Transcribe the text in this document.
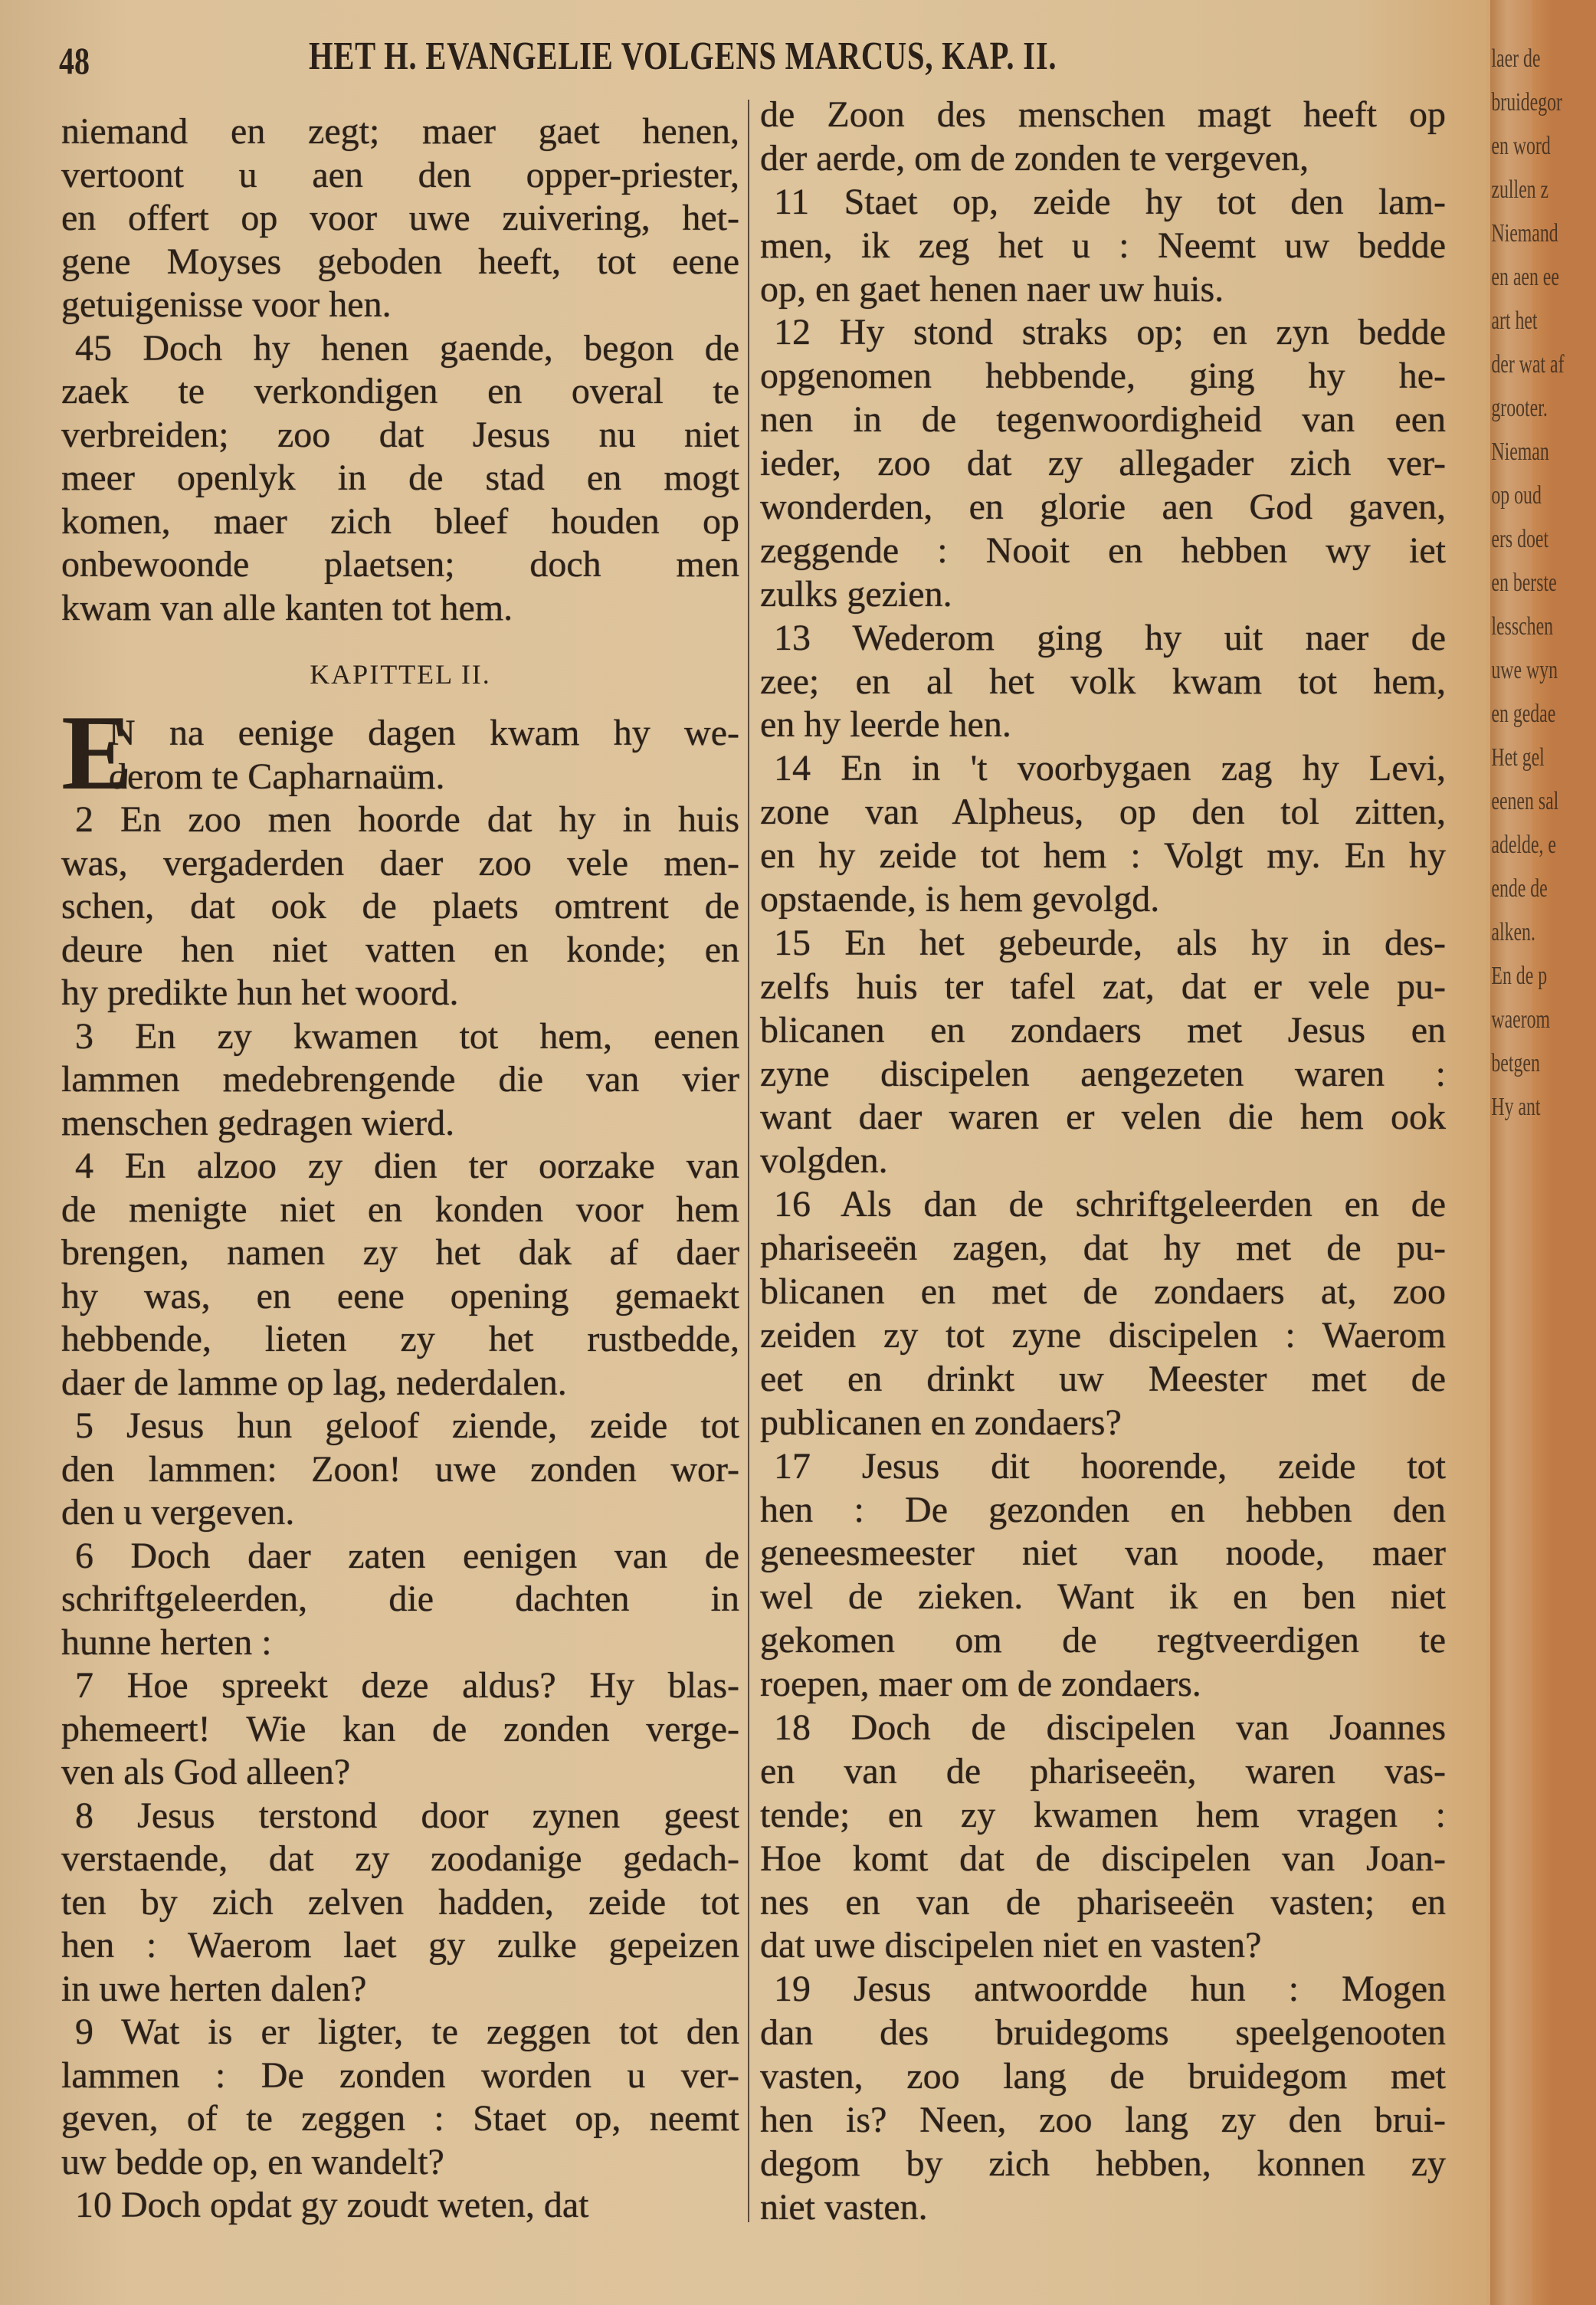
48	HET H. EVANGELIE VOLGENS MARCUS, KAP. II.
niemand en zegt; maer gaet henen,
vertoont u aen den opper-priester,
en offert op voor uwe zuivering, het-
gene Moyses geboden heeft, tot eene
getuigenisse voor hen.
45 Doch hy henen gaende, begon de
zaek te verkondigen en overal te
verbreiden; zoo dat Jesus nu niet
meer openlyk in de stad en mogt
komen, maer zich bleef houden op
onbewoonde plaetsen; doch men
kwam van alle kanten tot hem.
KAPITTEL II.
E
N na eenige dagen kwam hy we-
derom te Capharnaüm.
2 En zoo men hoorde dat hy in huis
was, vergaderden daer zoo vele men-
schen, dat ook de plaets omtrent de
deure hen niet vatten en konde; en
hy predikte hun het woord.
3 En zy kwamen tot hem, eenen
lammen medebrengende die van vier
menschen gedragen wierd.
4 En alzoo zy dien ter oorzake van
de menigte niet en konden voor hem
brengen, namen zy het dak af daer
hy was, en eene opening gemaekt
hebbende, lieten zy het rustbedde,
daer de lamme op lag, nederdalen.
5 Jesus hun geloof ziende, zeide tot
den lammen: Zoon! uwe zonden wor-
den u vergeven.
6 Doch daer zaten eenigen van de
schriftgeleerden, die dachten in
hunne herten :
7 Hoe spreekt deze aldus? Hy blas-
phemeert! Wie kan de zonden verge-
ven als God alleen?
8 Jesus terstond door zynen geest
verstaende, dat zy zoodanige gedach-
ten by zich zelven hadden, zeide tot
hen : Waerom laet gy zulke gepeizen
in uwe herten dalen?
9 Wat is er ligter, te zeggen tot den
lammen : De zonden worden u ver-
geven, of te zeggen : Staet op, neemt
uw bedde op, en wandelt?
10 Doch opdat gy zoudt weten, dat
de Zoon des menschen magt heeft op
der aerde, om de zonden te vergeven,
11 Staet op, zeide hy tot den lam-
men, ik zeg het u : Neemt uw bedde
op, en gaet henen naer uw huis.
12 Hy stond straks op; en zyn bedde
opgenomen hebbende, ging hy he-
nen in de tegenwoordigheid van een
ieder, zoo dat zy allegader zich ver-
wonderden, en glorie aen God gaven,
zeggende : Nooit en hebben wy iet
zulks gezien.
13 Wederom ging hy uit naer de
zee; en al het volk kwam tot hem,
en hy leerde hen.
14 En in 't voorbygaen zag hy Levi,
zone van Alpheus, op den tol zitten,
en hy zeide tot hem : Volgt my. En hy
opstaende, is hem gevolgd.
15 En het gebeurde, als hy in des-
zelfs huis ter tafel zat, dat er vele pu-
blicanen en zondaers met Jesus en
zyne discipelen aengezeten waren :
want daer waren er velen die hem ook
volgden.
16 Als dan de schriftgeleerden en de
phariseeën zagen, dat hy met de pu-
blicanen en met de zondaers at, zoo
zeiden zy tot zyne discipelen : Waerom
eet en drinkt uw Meester met de
publicanen en zondaers?
17 Jesus dit hoorende, zeide tot
hen : De gezonden en hebben den
geneesmeester niet van noode, maer
wel de zieken. Want ik en ben niet
gekomen om de regtveerdigen te
roepen, maer om de zondaers.
18 Doch de discipelen van Joannes
en van de phariseeën, waren vas-
tende; en zy kwamen hem vragen :
Hoe komt dat de discipelen van Joan-
nes en van de phariseeën vasten; en
dat uwe discipelen niet en vasten?
19 Jesus antwoordde hun : Mogen
dan des bruidegoms speelgenooten
vasten, zoo lang de bruidegom met
hen is? Neen, zoo lang zy den brui-
degom by zich hebben, konnen zy
niet vasten.
laer de
bruidegor
en word
zullen z
Niemand
en aen ee
art het
der wat af
grooter.
Nieman
op oud
ers doet
en berste
lesschen
uwe wyn
en gedae
Het gel
eenen sal
adelde, e
ende de
alken.
En de p
waerom
betgen
Hy ant
